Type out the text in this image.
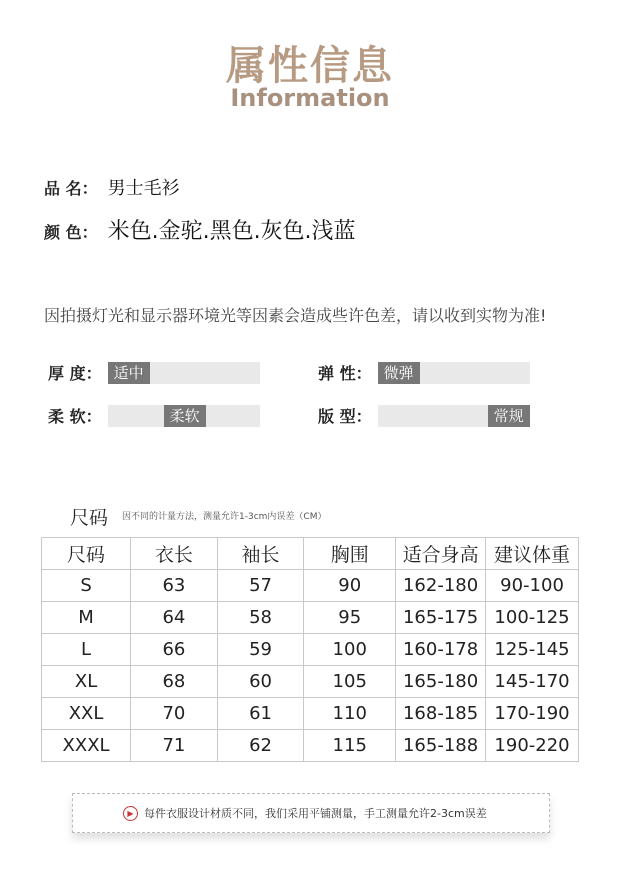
属性信息
Information
品 名： 男士毛衫
颜 色： 米色.金驼.黑色.灰色.浅蓝
因拍摄灯光和显示器环境光等因素会造成些许色差，请以收到实物为准!
厚 度： 适中	弹 性： 微弹
柔 软：	柔软	版 型：	常规
尺码 因不同的计量方法，测量允许1-3cm内误差（CM）
尺码	衣长	袖长	胸围	适合身高	建议体重
S	63	57	90	162-180	90-100
M	64	58	95	165-175	100-125
L	66	59	100	160-178	125-145
XL	68	60	105	165-180	145-170
XXL	70	61	110	168-185	170-190
XXXL	71	62	115	165-188	190-220
▶ 每件衣服设计材质不同，我们采用平铺测量，手工测量允许2-3cm误差
